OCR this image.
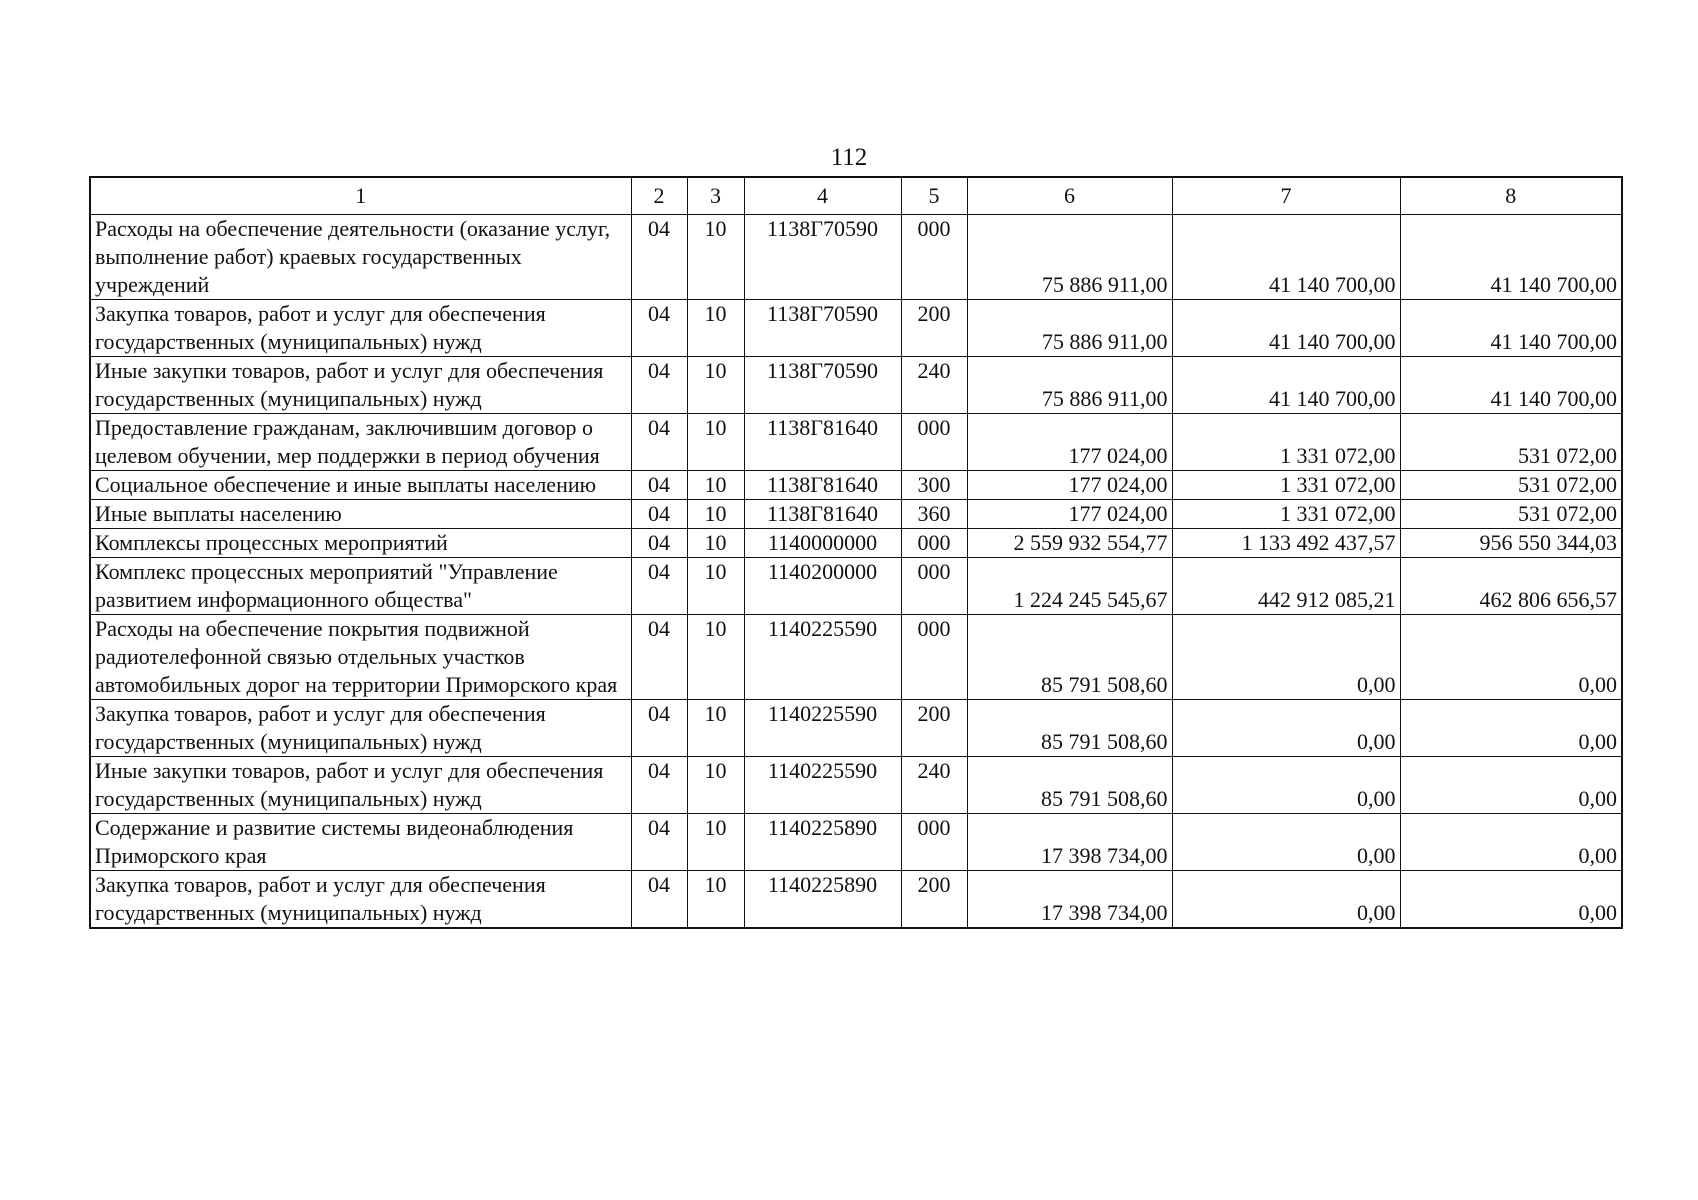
112
1	2	3	4	5	6	7	8
Расходы на обеспечение деятельности (оказание услуг, выполнение работ) краевых государственных учреждений	04	10	1138Г70590	000	75 886 911,00	41 140 700,00	41 140 700,00
Закупка товаров, работ и услуг для обеспечения государственных (муниципальных) нужд	04	10	1138Г70590	200	75 886 911,00	41 140 700,00	41 140 700,00
Иные закупки товаров, работ и услуг для обеспечения государственных (муниципальных) нужд	04	10	1138Г70590	240	75 886 911,00	41 140 700,00	41 140 700,00
Предоставление гражданам, заключившим договор о целевом обучении, мер поддержки в период обучения	04	10	1138Г81640	000	177 024,00	1 331 072,00	531 072,00
Социальное обеспечение и иные выплаты населению	04	10	1138Г81640	300	177 024,00	1 331 072,00	531 072,00
Иные выплаты населению	04	10	1138Г81640	360	177 024,00	1 331 072,00	531 072,00
Комплексы процессных мероприятий	04	10	1140000000	000	2 559 932 554,77	1 133 492 437,57	956 550 344,03
Комплекс процессных мероприятий "Управление развитием информационного общества"	04	10	1140200000	000	1 224 245 545,67	442 912 085,21	462 806 656,57
Расходы на обеспечение покрытия подвижной радиотелефонной связью отдельных участков автомобильных дорог на территории Приморского края	04	10	1140225590	000	85 791 508,60	0,00	0,00
Закупка товаров, работ и услуг для обеспечения государственных (муниципальных) нужд	04	10	1140225590	200	85 791 508,60	0,00	0,00
Иные закупки товаров, работ и услуг для обеспечения государственных (муниципальных) нужд	04	10	1140225590	240	85 791 508,60	0,00	0,00
Содержание и развитие системы видеонаблюдения Приморского края	04	10	1140225890	000	17 398 734,00	0,00	0,00
Закупка товаров, работ и услуг для обеспечения государственных (муниципальных) нужд	04	10	1140225890	200	17 398 734,00	0,00	0,00
